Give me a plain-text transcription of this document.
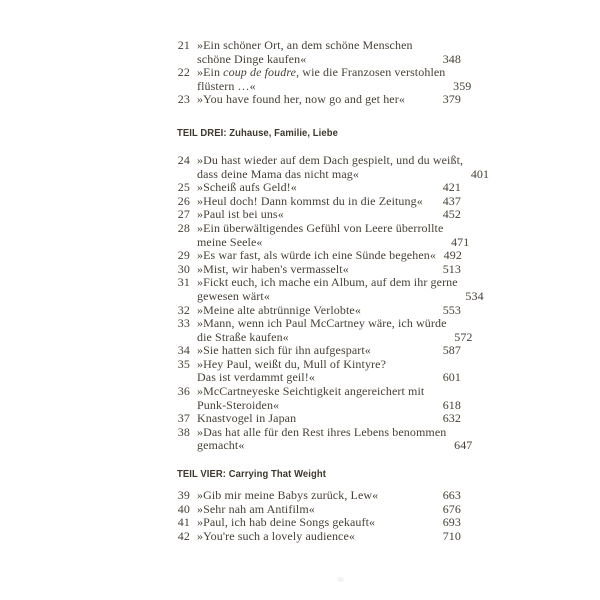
21 »Ein schöner Ort, an dem schöne Menschen
schöne Dinge kaufen«	348
22 »Ein coup de foudre, wie die Franzosen verstohlen
flüstern …«	359
23 »You have found her, now go and get her«	379
TEIL DREI: Zuhause, Familie, Liebe
24 »Du hast wieder auf dem Dach gespielt, und du weißt,
dass deine Mama das nicht mag«	401
25 »Scheiß aufs Geld!«	421
26 »Heul doch! Dann kommst du in die Zeitung«	437
27 »Paul ist bei uns«	452
28 »Ein überwältigendes Gefühl von Leere überrollte
meine Seele«	471
29 »Es war fast, als würde ich eine Sünde begehen« 492
30 »Mist, wir haben's vermasselt«	513
31 »Fickt euch, ich mache ein Album, auf dem ihr gerne
gewesen wärt«	534
32 »Meine alte abtrünnige Verlobte«	553
33 »Mann, wenn ich Paul McCartney wäre, ich würde
die Straße kaufen«	572
34 »Sie hatten sich für ihn aufgespart«	587
35 »Hey Paul, weißt du, Mull of Kintyre?
Das ist verdammt geil!«	601
36 »McCartneyeske Seichtigkeit angereichert mit
Punk-Steroiden«	618
37 Knastvogel in Japan	632
38 »Das hat alle für den Rest ihres Lebens benommen
gemacht«	647
TEIL VIER: Carrying That Weight
39 »Gib mir meine Babys zurück, Lew«	663
40 »Sehr nah am Antifilm«	676
41 »Paul, ich hab deine Songs gekauft«	693
42 »You're such a lovely audience«	710
